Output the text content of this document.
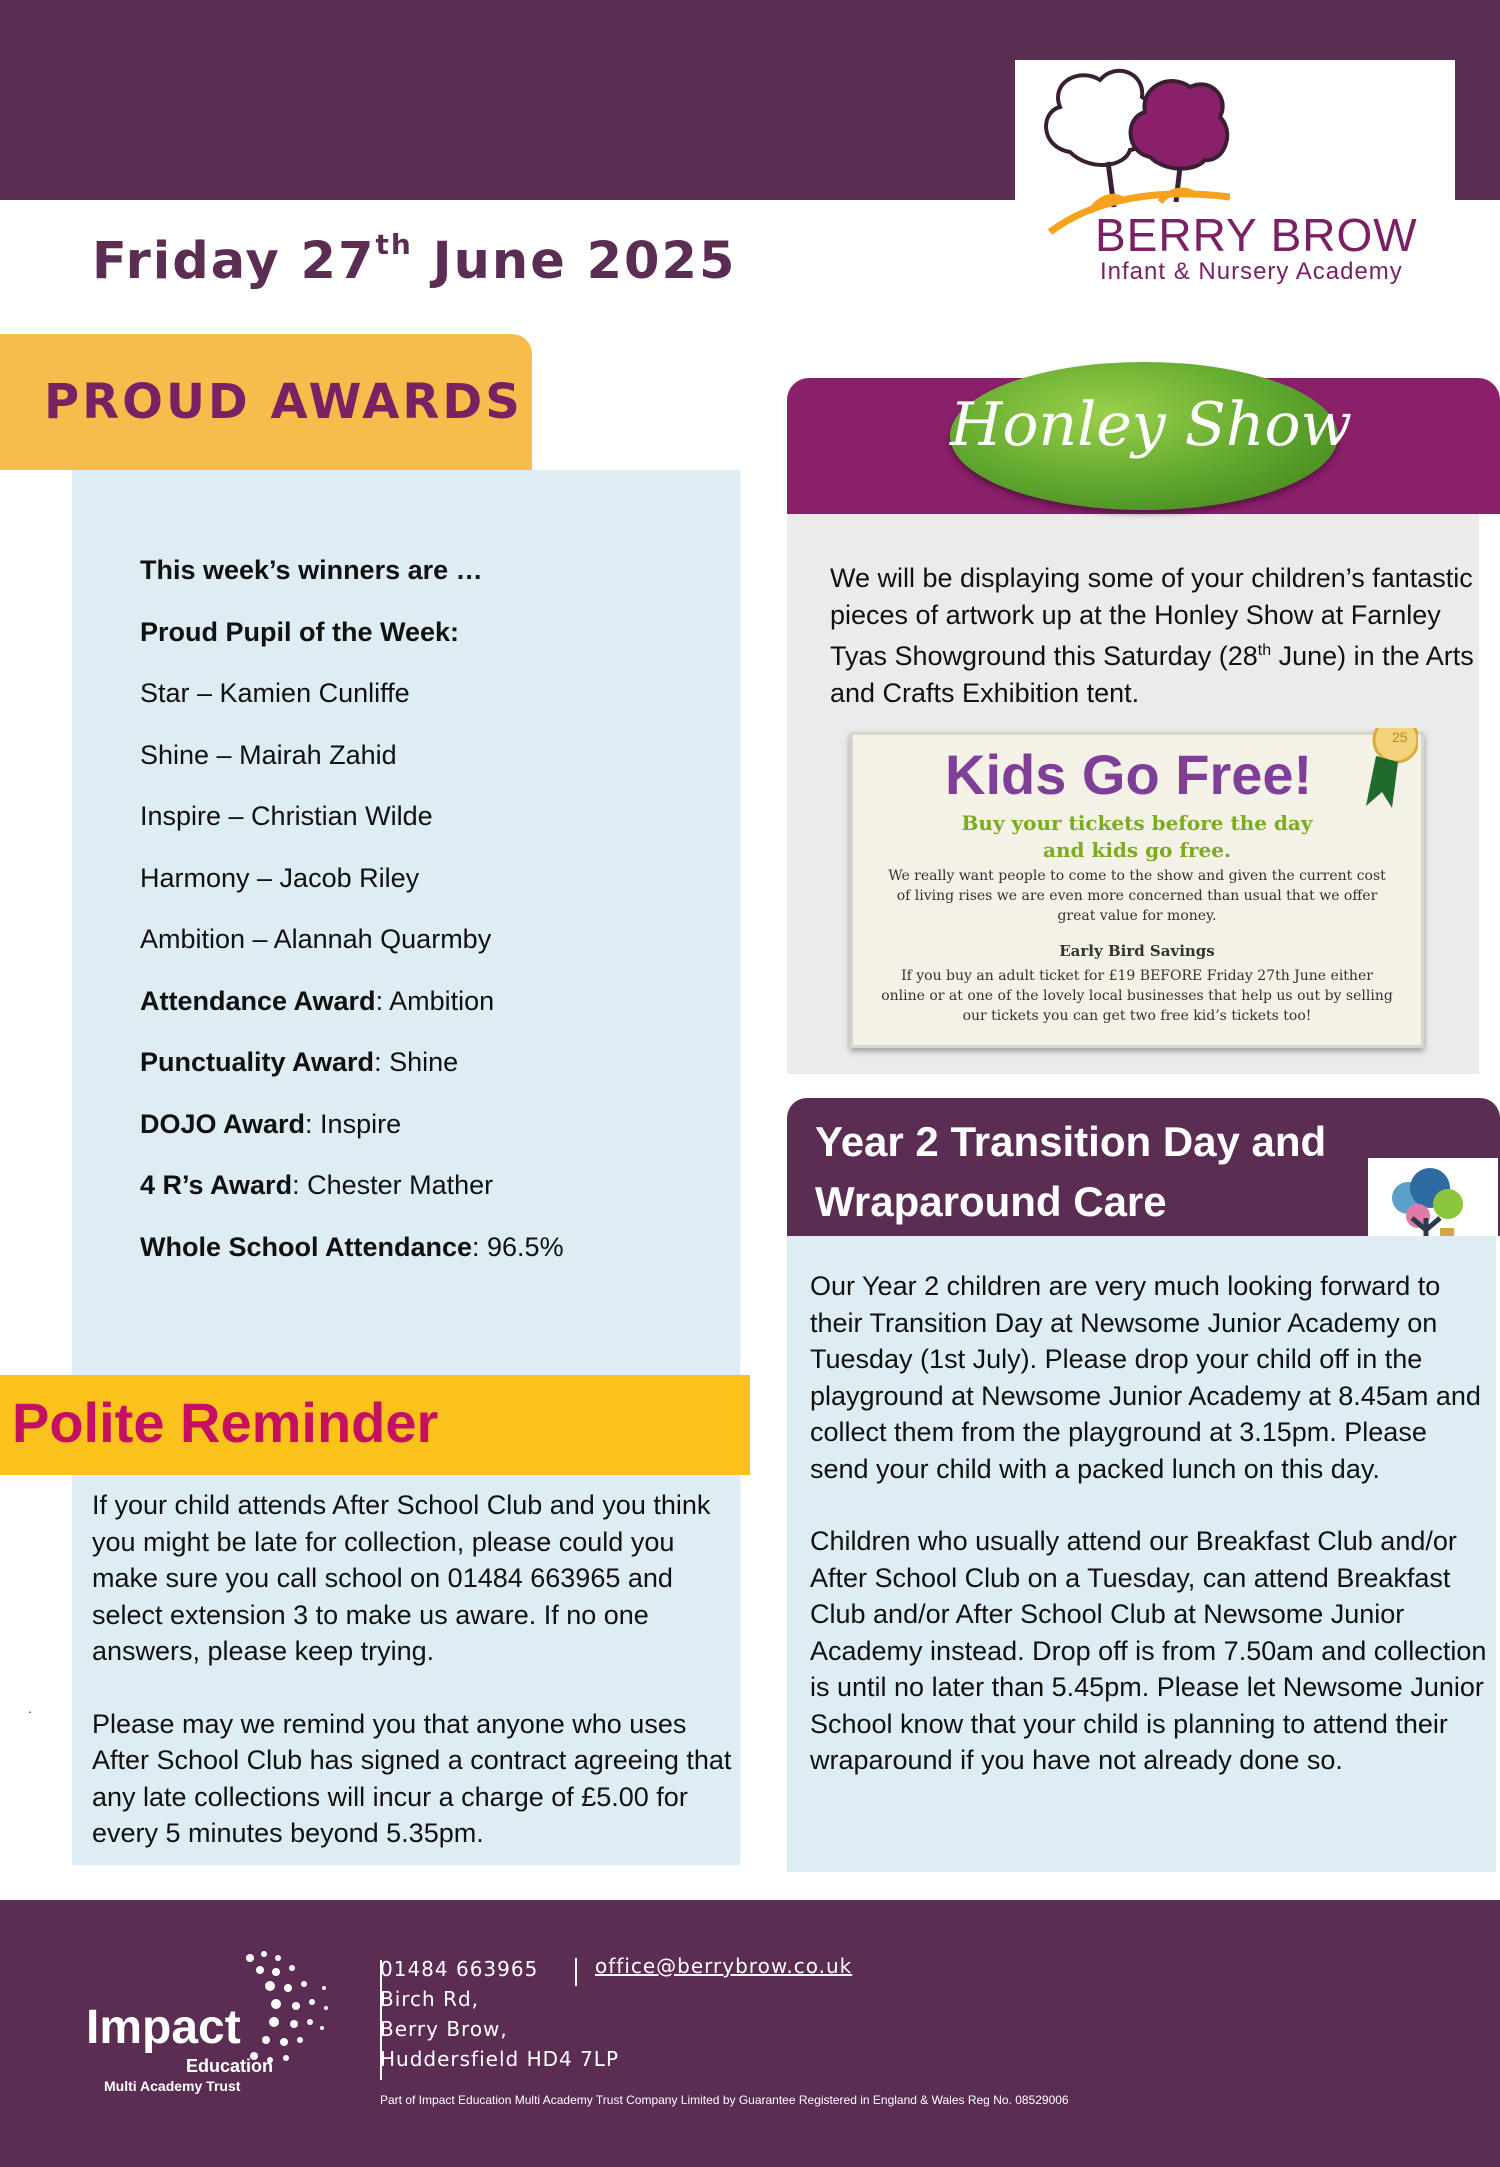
Friday 27th June 2025	BERRY BROW
Infant & Nursery Academy
PROUD AWARDS
This week’s winners are …
Proud Pupil of the Week:
Star – Kamien Cunliffe
Shine – Mairah Zahid
Inspire – Christian Wilde
Harmony – Jacob Riley
Ambition – Alannah Quarmby
Attendance Award: Ambition
Punctuality Award: Shine
DOJO Award: Inspire
4 R’s Award: Chester Mather
Whole School Attendance: 96.5%
Polite Reminder

If your child attends After School Club and you think you might be late for collection, please could you make sure you call school on 01484 663965 and select extension 3 to make us aware. If no one answers, please keep trying.

Please may we remind you that anyone who uses After School Club has signed a contract agreeing that any late collections will incur a charge of £5.00 for every 5 minutes beyond 5.35pm.

.
Honley Show
We will be displaying some of your children’s fantastic pieces of artwork up at the Honley Show at Farnley Tyas Showground this Saturday (28th June) in the Arts and Crafts Exhibition tent.
Kids Go Free!
Buy your tickets before the day
and kids go free.
We really want people to come to the show and given the current cost of living rises we are even more concerned than usual that we offer great value for money.
Early Bird Savings
If you buy an adult ticket for £19 BEFORE Friday 27th June either online or at one of the lovely local businesses that help us out by selling our tickets you can get two free kid’s tickets too!
25
Year 2 Transition Day and Wraparound Care

Our Year 2 children are very much looking forward to their Transition Day at Newsome Junior Academy on Tuesday (1st July). Please drop your child off in the playground at Newsome Junior Academy at 8.45am and collect them from the playground at 3.15pm. Please send your child with a packed lunch on this day.

Children who usually attend our Breakfast Club and/or After School Club on a Tuesday, can attend Breakfast Club and/or After School Club at Newsome Junior Academy instead. Drop off is from 7.50am and collection is until no later than 5.45pm. Please let Newsome Junior School know that your child is planning to attend their wraparound if you have not already done so.

Impact
Education
Multi Academy Trust
01484 663965
Birch Rd,
Berry Brow,
Huddersfield HD4 7LP
office@berrybrow.co.uk
Part of Impact Education Multi Academy Trust Company Limited by Guarantee Registered in England & Wales Reg No. 08529006
